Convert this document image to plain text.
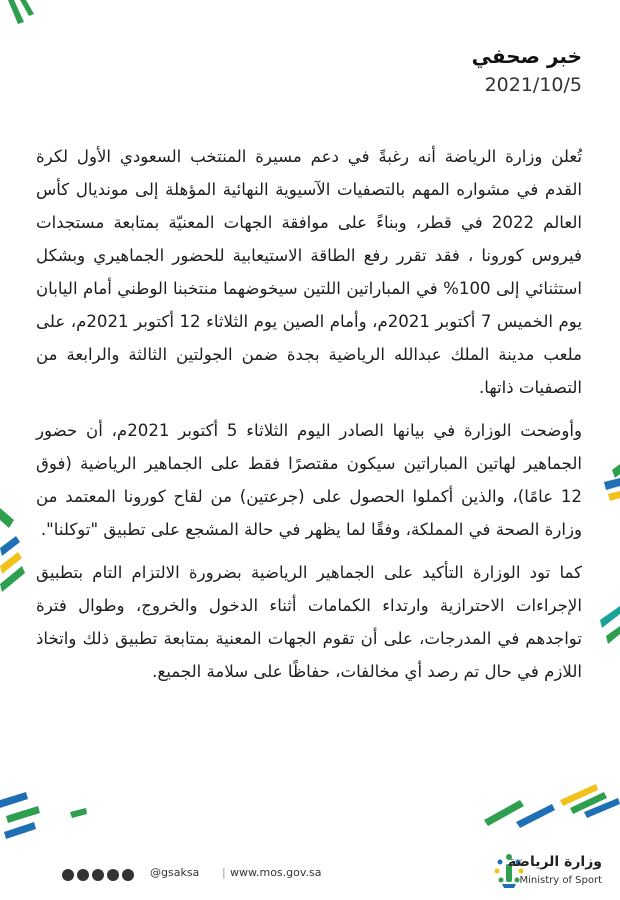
خبر صحفي
2021/10/5

تُعلن وزارة الرياضة أنه رغبةً في دعم مسيرة المنتخب السعودي الأول لكرة القدم في مشواره المهم بالتصفيات الآسيوية النهائية المؤهلة إلى مونديال كأس العالم 2022 في قطر، وبناءً على موافقة الجهات المعنيّة بمتابعة مستجدات فيروس كورونا ، فقد تقرر رفع الطاقة الاستيعابية للحضور الجماهيري وبشكل استثنائي إلى 100% في المباراتين اللتين سيخوضهما منتخبنا الوطني أمام اليابان يوم الخميس 7 أكتوبر 2021م، وأمام الصين يوم الثلاثاء 12 أكتوبر 2021م، على ملعب مدينة الملك عبدالله الرياضية بجدة ضمن الجولتين الثالثة والرابعة من التصفيات ذاتها.

وأوضحت الوزارة في بيانها الصادر اليوم الثلاثاء 5 أكتوبر 2021م، أن حضور الجماهير لهاتين المباراتين سيكون مقتصرًا فقط على الجماهير الرياضية (فوق 12 عامًا)، والذين أكملوا الحصول على (جرعتين) من لقاح كورونا المعتمد من وزارة الصحة في المملكة، وفقًا لما يظهر في حالة المشجع على تطبيق "توكلنا".

كما تود الوزارة التأكيد على الجماهير الرياضية بضرورة الالتزام التام بتطبيق الإجراءات الاحترازية وارتداء الكمامات أثناء الدخول والخروج، وطوال فترة تواجدهم في المدرجات، على أن تقوم الجهات المعنية بمتابعة تطبيق ذلك واتخاذ اللازم في حال تم رصد أي مخالفات، حفاظًا على سلامة الجميع.

@gsaksa | www.mos.gov.sa
وزارة الرياضة
Ministry of Sport
